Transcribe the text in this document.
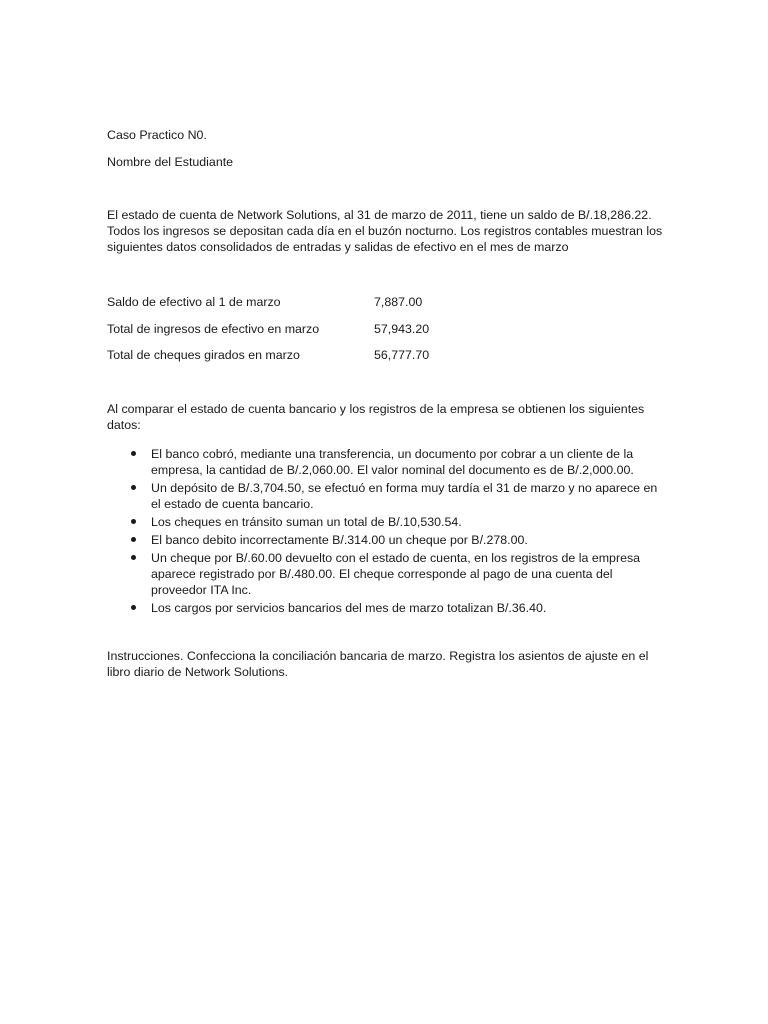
Caso Practico N0.

Nombre del Estudiante

El estado de cuenta de Network Solutions, al 31 de marzo de 2011, tiene un saldo de B/.18,286.22. Todos los ingresos se depositan cada día en el buzón nocturno. Los registros contables muestran los siguientes datos consolidados de entradas y salidas de efectivo en el mes de marzo

Saldo de efectivo al 1 de marzo	7,887.00
Total de ingresos de efectivo en marzo	57,943.20
Total de cheques girados en marzo	56,777.70

Al comparar el estado de cuenta bancario y los registros de la empresa se obtienen los siguientes datos:

El banco cobró, mediante una transferencia, un documento por cobrar a un cliente de la empresa, la cantidad de B/.2,060.00. El valor nominal del documento es de B/.2,000.00.
Un depósito de B/.3,704.50, se efectuó en forma muy tardía el 31 de marzo y no aparece en el estado de cuenta bancario.
Los cheques en tránsito suman un total de B/.10,530.54.
El banco debito incorrectamente B/.314.00 un cheque por B/.278.00.
Un cheque por B/.60.00 devuelto con el estado de cuenta, en los registros de la empresa aparece registrado por B/.480.00. El cheque corresponde al pago de una cuenta del proveedor ITA Inc.
Los cargos por servicios bancarios del mes de marzo totalizan B/.36.40.

Instrucciones. Confecciona la conciliación bancaria de marzo. Registra los asientos de ajuste en el libro diario de Network Solutions.
